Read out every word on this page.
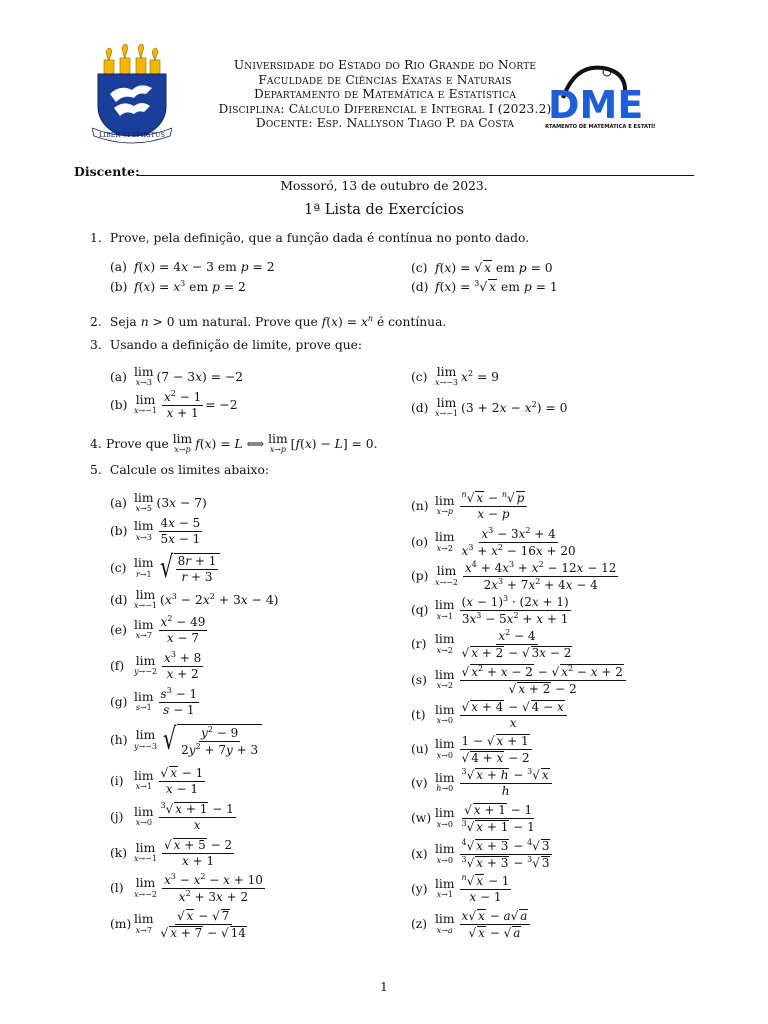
LIBER VI SPIRITUS
Universidade do Estado do Rio Grande do Norte
Faculdade de Ciências Exatas e Naturais
Departamento de Matemática e Estatística
Disciplina: Cálculo Diferencial e Integral I (2023.2)
Docente: Esp. Nallyson Tiago P. da Costa DME
RTAMENTO DE MATEMÁTICA E ESTATÍ
Discente:
Mossoró, 13 de outubro de 2023.
1ª Lista de Exercícios
1. Prove, pela definição, que a função dada é contínua no ponto dado.
(a) f(x) = 4x − 3 em p = 2
(b) $f(x) = x^3$ em p = 2
(c) f(x) = √ x em p = 0
(d) f(x) = $^3$√ x em p = 1
2. Seja n > 0 um natural. Prove que $f(x) = x^n$ é contínua.
3. Usando a definição de limite, prove que:
(a) lim
x→3 (7 − 3x) = −2
(b) lim
$x\to-1 \frac{x^2 - 1}{x + 1} = -2$
(c) lim
x→−3 $x^2 = 9$
(d) lim
x→−1 $(3 + 2x - x^2) = 0$
4. Prove que
lim
x→p f(x) = L ⟺
lim
x→p [f(x) − L] = 0.
5. Calcule os limites abaixo:
(a) lim
x→5 (3x − 7)
(b) lim
$x\to 3 \frac{4x - 5}{5x - 1}$
(c) lim
r→1 √ $\frac{8r + 1}{r + 3}$
(d) lim
x→−1 $(x^3 - 2x^2 + 3x - 4)$
(e) lim
$x\to 7 \frac{x^2 - 49}{x - 7}$
(f) lim
$y\to-2 \frac{x^3 + 8}{x + 2}$
(g) lim
$s\to 1 \frac{s^3 - 1}{s - 1}$
(h) lim
y→−3 √ $\frac{y^2 - 9}{2y^2 + 7y + 3}$
(i) lim
$x\to 1 \frac{√ x - 1}{x - 1}$
(j) lim
$x\to 0 \frac{^3√ x + 1 - 1}{x}$
(k) lim
$x\to-1 \frac{√ x + 5 - 2}{x + 1}$
(l) lim
$x\to-2 \frac{x^3 - x^2 - x + 10}{x^2 + 3x + 2}$
(m) lim
$x\to 7 \frac{√ x - √ 7}{√ x + 7 - √ 14}$
(n) lim
$x\to p \frac{^n√ x - ^n√ p}{x - p}$
(o) lim
$x\to 2 \frac{x^3 - 3x^2 + 4}{x^3 + x^2 - 16x + 20}$
(p) lim
$x\to-2 \frac{x^4 + 4x^3 + x^2 - 12x - 12}{2x^3 + 7x^2 + 4x - 4}$
(q) lim
$x\to 1 \frac{(x - 1)^3 \cdot (2x + 1)}{3x^3 - 5x^2 + x + 1}$
(r) lim
$x\to 2 \frac{x^2 - 4}{√ x + 2 - √ 3x - 2}$
(s) lim
$x\to 2 \frac{√ x^2 + x - 2 - √ x^2 - x + 2}{√ x + 2 - 2}$
(t) lim
$x\to 0 \frac{√ x + 4 - √ 4 - x}{x}$
(u) lim
$x\to 0 \frac{1 - √ x + 1}{√ 4 + x - 2}$
(v) lim
$h\to 0 \frac{^3√ x + h - ^3√ x}{h}$
(w) lim
$x\to 0 \frac{√ x + 1 - 1}{^3√ x + 1 - 1}$
(x) lim
$x\to 0 \frac{^4√ x + 3 - ^4√ 3}{^3√ x + 3 - ^3√ 3}$
(y) lim
$x\to 1 \frac{^n√ x - 1}{x - 1}$
(z) lim
$x\to a \frac{x√ x - a√ a}{√ x - √ a}$
1
